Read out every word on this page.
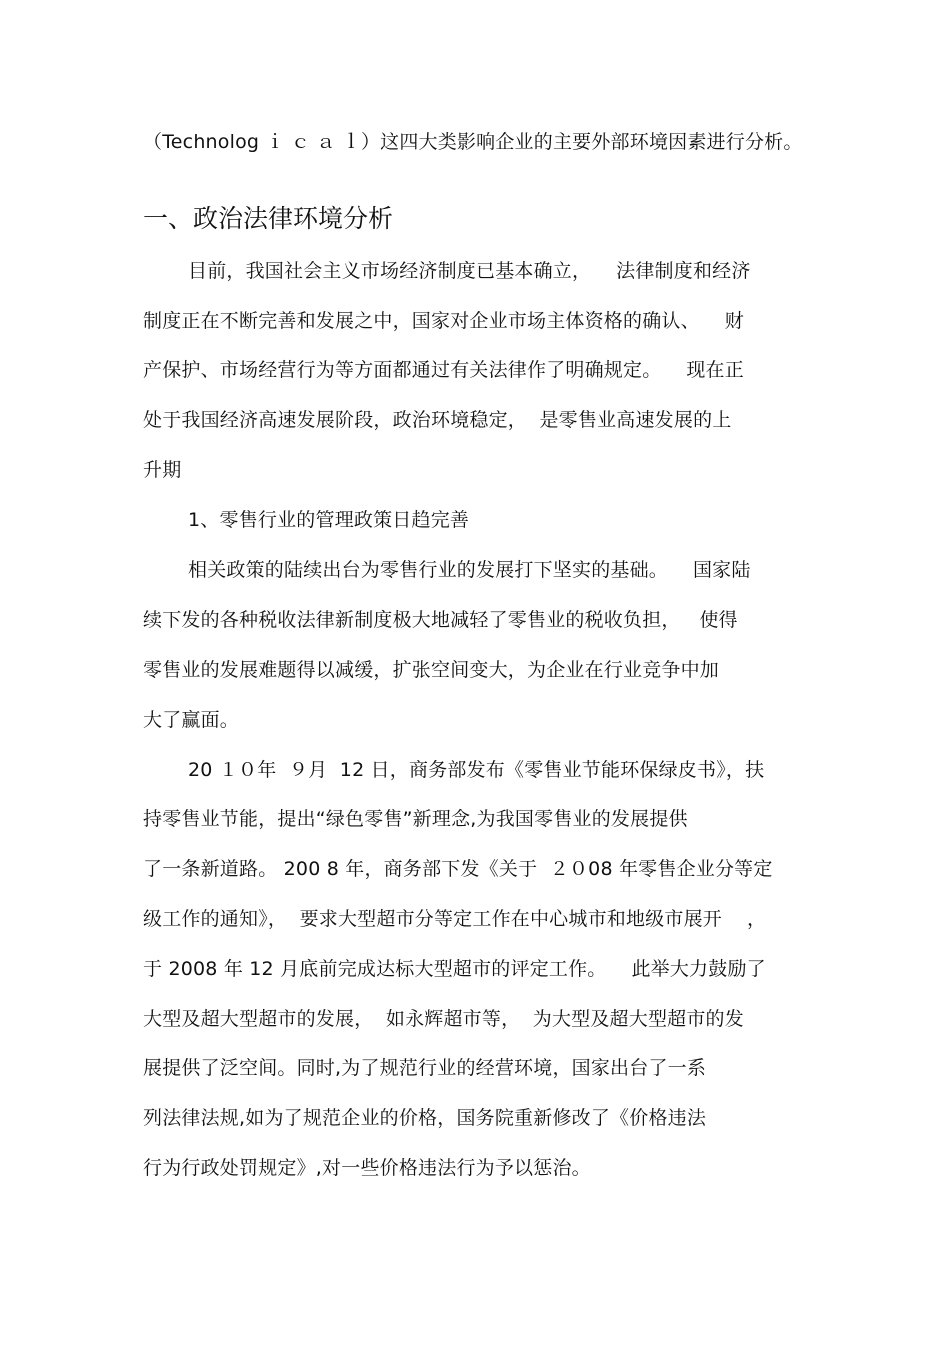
（Technolog ｉ ｃ ａ ｌ）这四大类影响企业的主要外部环境因素进行分析。
一、政治法律环境分析
目前，我国社会主义市场经济制度已基本确立，    法律制度和经济
制度正在不断完善和发展之中，国家对企业市场主体资格的确认、    财
产保护、市场经营行为等方面都通过有关法律作了明确规定。    现在正
处于我国经济高速发展阶段，政治环境稳定，  是零售业高速发展的上
升期
1、零售行业的管理政策日趋完善
相关政策的陆续出台为零售行业的发展打下坚实的基础。    国家陆
续下发的各种税收法律新制度极大地减轻了零售业的税收负担，   使得
零售业的发展难题得以减缓，扩张空间变大，为企业在行业竞争中加
大了赢面。
20 １０年  ９月  12 日，商务部发布《零售业节能环保绿皮书》，扶
持零售业节能，提出“绿色零售”新理念,为我国零售业的发展提供
了一条新道路。 200 8 年，商务部下发《关于  ２０08 年零售企业分等定
级工作的通知》，  要求大型超市分等定工作在中心城市和地级市展开    ，
于 2008 年 12 月底前完成达标大型超市的评定工作。    此举大力鼓励了
大型及超大型超市的发展，  如永辉超市等，  为大型及超大型超市的发
展提供了泛空间。同时,为了规范行业的经营环境，国家出台了一系
列法律法规,如为了规范企业的价格，国务院重新修改了《价格违法
行为行政处罚规定》,对一些价格违法行为予以惩治。
